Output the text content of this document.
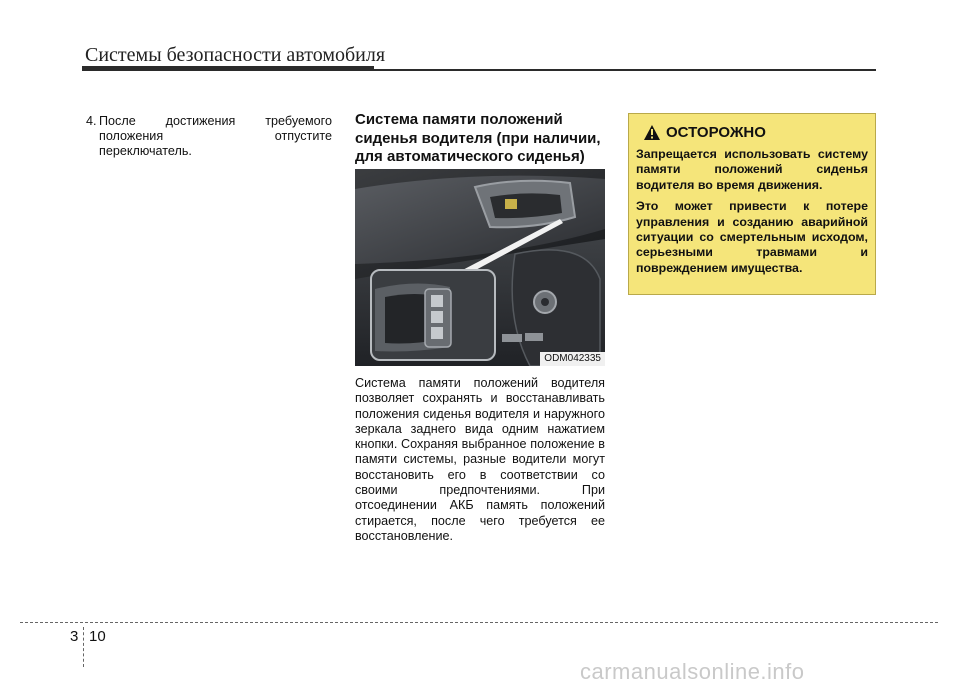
Системы безопасности автомобиля
4. После достижения требуемого
положения отпустите
переключатель.
Система памяти положений сиденья водителя (при наличии, для автоматического сиденья)
ODM042335
Система памяти положений водителя позволяет сохранять и восстанавливать положения сиденья водителя и наружного зеркала заднего вида одним нажатием кнопки. Сохраняя выбранное положение в памяти системы, разные водители могут восстановить его в соответствии со своими предпочтениями. При отсоединении АКБ память положений стирается, после чего требуется ее восстановление.
ОСТОРОЖНО

Запрещается использовать систему памяти положений сиденья водителя во время движения.

Это может привести к потере управления и созданию аварийной ситуации со смертельным исходом, серьезными травмами и повреждением имущества.

3 10
carmanualsonline.info
